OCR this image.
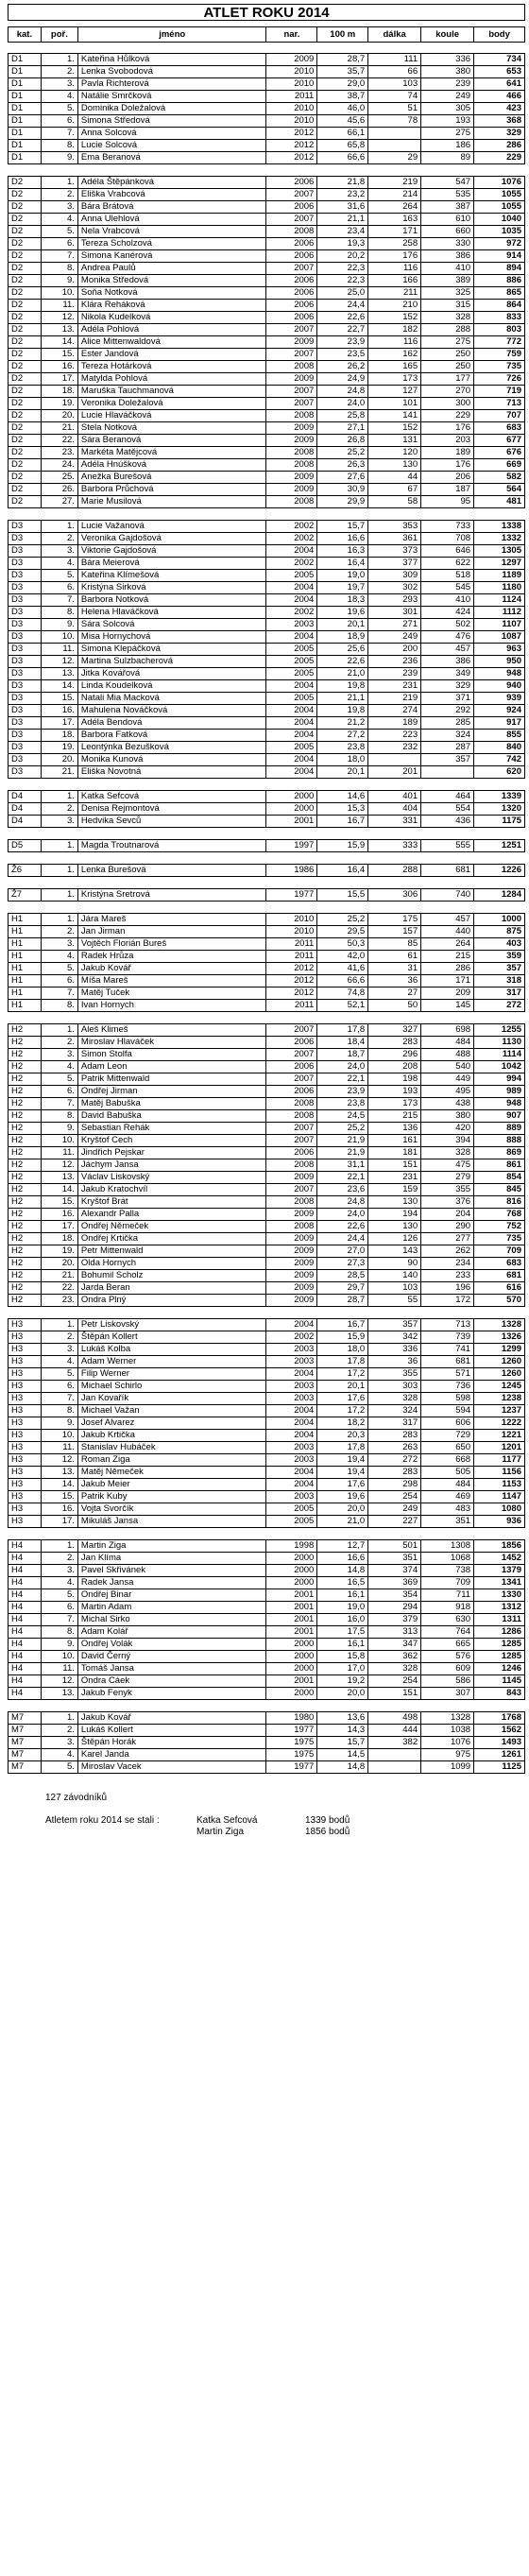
ATLET ROKU 2014
kat.	poř.	jméno	nar.	100 m	dálka	koule	body
D1	1.	Kateřina Hůlková	2009	28,7	111	336	734
D1	2.	Lenka Svobodová	2010	35,7	66	380	653
D1	3.	Pavla Richterová	2010	29,0	103	239	641
D1	4.	Natálie Smrčková	2011	38,7	74	249	466
D1	5.	Dominika Doležalová	2010	46,0	51	305	423
D1	6.	Simona Středová	2010	45,6	78	193	368
D1	7.	Anna Solcová	2012	66,1		275	329
D1	8.	Lucie Solcová	2012	65,8		186	286
D1	9.	Ema Beranová	2012	66,6	29	89	229
D2	1.	Adéla Štěpánková	2006	21,8	219	547	1076
D2	2.	Eliška Vrabcová	2007	23,2	214	535	1055
D2	3.	Bára Brátová	2006	31,6	264	387	1055
D2	4.	Anna Ulehlová	2007	21,1	163	610	1040
D2	5.	Nela Vrabcová	2008	23,4	171	660	1035
D2	6.	Tereza Scholzová	2006	19,3	258	330	972
D2	7.	Simona Kanérová	2006	20,2	176	386	914
D2	8.	Andrea Paulů	2007	22,3	116	410	894
D2	9.	Monika Středová	2006	22,3	166	389	886
D2	10.	Soňa Notková	2006	25,0	211	325	865
D2	11.	Klára Reháková	2006	24,4	210	315	864
D2	12.	Nikola Kudelková	2006	22,6	152	328	833
D2	13.	Adéla Pohlová	2007	22,7	182	288	803
D2	14.	Alice Mittenwaldová	2009	23,9	116	275	772
D2	15.	Ester Jandová	2007	23,5	162	250	759
D2	16.	Tereza Hotárková	2008	26,2	165	250	735
D2	17.	Matylda Pohlová	2009	24,9	173	177	726
D2	18.	Maruška Tauchmanová	2007	24,8	127	270	719
D2	19.	Veronika Doležalová	2007	24,0	101	300	713
D2	20.	Lucie Hlaváčková	2008	25,8	141	229	707
D2	21.	Stela Notková	2009	27,1	152	176	683
D2	22.	Sára Beranová	2009	26,8	131	203	677
D2	23.	Markéta Matějcová	2008	25,2	120	189	676
D2	24.	Adéla Hnúšková	2008	26,3	130	176	669
D2	25.	Anežka Burešová	2009	27,6	44	206	582
D2	26.	Barbora Průchová	2009	30,9	67	187	564
D2	27.	Marie Musilová	2008	29,9	58	95	481
D3	1.	Lucie Važanová	2002	15,7	353	733	1338
D3	2.	Veronika Gajdošová	2002	16,6	361	708	1332
D3	3.	Viktorie Gajdošová	2004	16,3	373	646	1305
D3	4.	Bára Meierová	2002	16,4	377	622	1297
D3	5.	Kateřina Klímešová	2005	19,0	309	518	1189
D3	6.	Kristýna Sirková	2004	19,7	302	545	1180
D3	7.	Barbora Notková	2004	18,3	293	410	1124
D3	8.	Helena Hlaváčková	2002	19,6	301	424	1112
D3	9.	Sára Solcová	2003	20,1	271	502	1107
D3	10.	Misa Hornychová	2004	18,9	249	476	1087
D3	11.	Simona Klepáčková	2005	25,6	200	457	963
D3	12.	Martina Sulzbacherová	2005	22,6	236	386	950
D3	13.	Jitka Kovářová	2005	21,0	239	349	948
D3	14.	Linda Koudelková	2004	19,8	231	329	940
D3	15.	Natali Mia Macková	2005	21,1	219	371	939
D3	16.	Mahulena Nováčková	2004	19,8	274	292	924
D3	17.	Adéla Bendová	2004	21,2	189	285	917
D3	18.	Barbora Fatková	2004	27,2	223	324	855
D3	19.	Leontýnka Bezušková	2005	23,8	232	287	840
D3	20.	Monika Kunová	2004	18,0		357	742
D3	21.	Eliška Novotná	2004	20,1	201		620
D4	1.	Katka Sefcová	2000	14,6	401	464	1339
D4	2.	Denisa Rejmontová	2000	15,3	404	554	1320
D4	3.	Hedvika Sevců	2001	16,7	331	436	1175
D5	1.	Magda Troutnarová	1997	15,9	333	555	1251
Ž6	1.	Lenka Burešová	1986	16,4	288	681	1226
Ž7	1.	Kristýna Sretrová	1977	15,5	306	740	1284
H1	1.	Jára Mareš	2010	25,2	175	457	1000
H1	2.	Jan Jirman	2010	29,5	157	440	875
H1	3.	Vojtěch Florián Bureš	2011	50,3	85	264	403
H1	4.	Radek Hrůza	2011	42,0	61	215	359
H1	5.	Jakub Kovář	2012	41,6	31	286	357
H1	6.	Míša Mareš	2012	66,6	36	171	318
H1	7.	Matěj Tuček	2012	74,8	27	209	317
H1	8.	Ivan Hornych	2011	52,1	50	145	272
H2	1.	Aleš Klimeš	2007	17,8	327	698	1255
H2	2.	Miroslav Hlaváček	2006	18,4	283	484	1130
H2	3.	Simon Stolfa	2007	18,7	296	488	1114
H2	4.	Adam Leon	2006	24,0	208	540	1042
H2	5.	Patrik Mittenwald	2007	22,1	198	449	994
H2	6.	Ondřej Jirman	2006	23,9	193	495	989
H2	7.	Matěj Babuška	2008	23,8	173	438	948
H2	8.	David Babuška	2008	24,5	215	380	907
H2	9.	Sebastian Rehák	2007	25,2	136	420	889
H2	10.	Kryštof Cech	2007	21,9	161	394	888
H2	11.	Jindřich Pejskar	2006	21,9	181	328	869
H2	12.	Jáchym Jansa	2008	31,1	151	475	861
H2	13.	Václav Liskovský	2009	22,1	231	279	854
H2	14.	Jakub Kratochvíl	2007	23,6	159	355	845
H2	15.	Kryštof Brát	2008	24,8	130	376	816
H2	16.	Alexandr Palla	2009	24,0	194	204	768
H2	17.	Ondřej Němeček	2008	22,6	130	290	752
H2	18.	Ondřej Krtička	2009	24,4	126	277	735
H2	19.	Petr Mittenwald	2009	27,0	143	262	709
H2	20.	Olda Hornych	2009	27,3	90	234	683
H2	21.	Bohumil Scholz	2009	28,5	140	233	681
H2	22.	Jarda Beran	2009	29,7	103	196	616
H2	23.	Ondra Plný	2009	28,7	55	172	570
H3	1.	Petr Liskovský	2004	16,7	357	713	1328
H3	2.	Štěpán Kollert	2002	15,9	342	739	1326
H3	3.	Lukáš Kolba	2003	18,0	336	741	1299
H3	4.	Adam Werner	2003	17,8	36	681	1260
H3	5.	Filip Werner	2004	17,2	355	571	1260
H3	6.	Michael Schirlo	2003	20,1	303	736	1245
H3	7.	Jan Kovařík	2003	17,6	328	598	1238
H3	8.	Michael Važan	2004	17,2	324	594	1237
H3	9.	Josef Alvarez	2004	18,2	317	606	1222
H3	10.	Jakub Krtička	2004	20,3	283	729	1221
H3	11.	Stanislav Hubáček	2003	17,8	263	650	1201
H3	12.	Roman Ziga	2003	19,4	272	668	1177
H3	13.	Matěj Němeček	2004	19,4	283	505	1156
H3	14.	Jakub Meier	2004	17,6	298	484	1153
H3	15.	Patrik Kuby	2003	19,6	254	469	1147
H3	16.	Vojta Svorčík	2005	20,0	249	483	1080
H3	17.	Mikuláš Jansa	2005	21,0	227	351	936
H4	1.	Martin Ziga	1998	12,7	501	1308	1856
H4	2.	Jan Klíma	2000	16,6	351	1068	1452
H4	3.	Pavel Skřivánek	2000	14,8	374	738	1379
H4	4.	Radek Jansa	2000	16,5	369	709	1341
H4	5.	Ondřej Binar	2001	16,1	354	711	1330
H4	6.	Martin Adam	2001	19,0	294	918	1312
H4	7.	Michal Sirko	2001	16,0	379	630	1311
H4	8.	Adam Kolář	2001	17,5	313	764	1286
H4	9.	Ondřej Volák	2000	16,1	347	665	1285
H4	10.	David Černý	2000	15,8	362	576	1285
H4	11.	Tomáš Jansa	2000	17,0	328	609	1246
H4	12.	Ondra Cáek	2001	19,2	254	586	1145
H4	13.	Jakub Fenyk	2000	20,0	151	307	843
M7	1.	Jakub Kovář	1980	13,6	498	1328	1768
M7	2.	Lukáš Kollert	1977	14,3	444	1038	1562
M7	3.	Štěpán Horák	1975	15,7	382	1076	1493
M7	4.	Karel Janda	1975	14,5		975	1261
M7	5.	Miroslav Vacek	1977	14,8		1099	1125
127 závodníků
Atletem roku 2014 se stali :	Katka Sefcová	1339 bodů
Martin Ziga	1856 bodů
